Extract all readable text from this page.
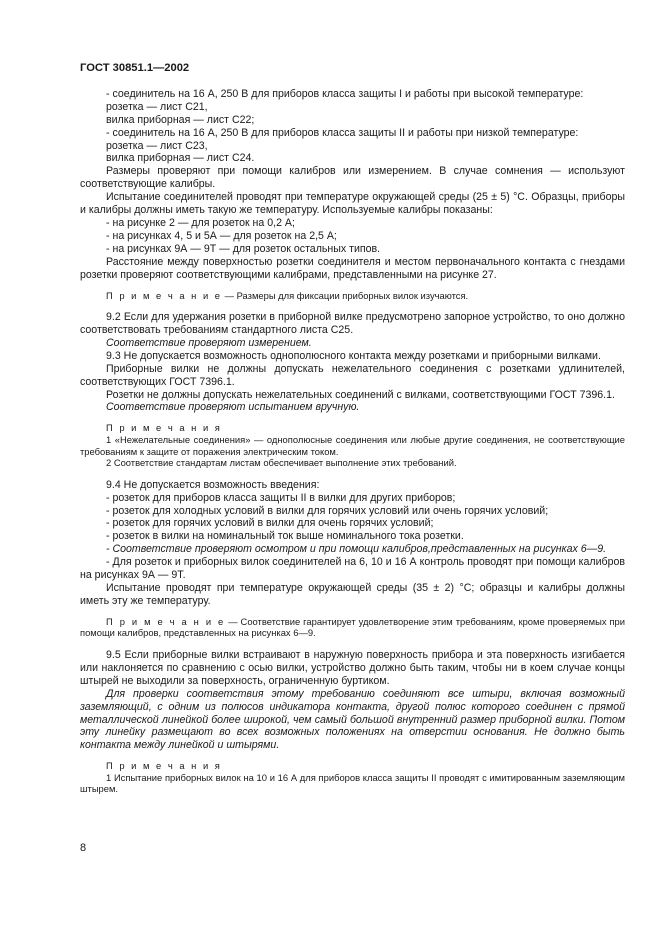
ГОСТ 30851.1—2002

- соединитель на 16 А, 250 В для приборов класса защиты I и работы при высокой температуре:

розетка — лист С21,

вилка приборная — лист С22;

- соединитель на 16 А, 250 В для приборов класса защиты II и работы при низкой температуре:

розетка — лист С23,

вилка приборная — лист С24.

Размеры проверяют при помощи калибров или измерением. В случае сомнения — используют соответствующие калибры.

Испытание соединителей проводят при температуре окружающей среды (25 ± 5) °С. Образцы, приборы и калибры должны иметь такую же температуру. Используемые калибры показаны:

- на рисунке 2 — для розеток на 0,2 А;

- на рисунках 4, 5 и 5А — для розеток на 2,5 А;

- на рисунках 9А — 9Т — для розеток остальных типов.

Расстояние между поверхностью розетки соединителя и местом первоначального контакта с гнездами розетки проверяют соответствующими калибрами, представленными на рисунке 27.

П р и м е ч а н и е — Размеры для фиксации приборных вилок изучаются.

9.2 Если для удержания розетки в приборной вилке предусмотрено запорное устройство, то оно должно соответствовать требованиям стандартного листа С25.

Соответствие проверяют измерением.

9.3 Не допускается возможность однополюсного контакта между розетками и приборными вилками.

Приборные вилки не должны допускать нежелательного соединения с розетками удлинителей, соответствующих ГОСТ 7396.1.

Розетки не должны допускать нежелательных соединений с вилками, соответствующими ГОСТ 7396.1.

Соответствие проверяют испытанием вручную.

П р и м е ч а н и я

1 «Нежелательные соединения» — однополюсные соединения или любые другие соединения, не соответствующие требованиям к защите от поражения электрическим током.

2 Соответствие стандартам листам обеспечивает выполнение этих требований.

9.4 Не допускается возможность введения:

- розеток для приборов класса защиты II в вилки для других приборов;

- розеток для холодных условий в вилки для горячих условий или очень горячих условий;

- розеток для горячих условий в вилки для очень горячих условий;

- розеток в вилки на номинальный ток выше номинального тока розетки.

- Соответствие проверяют осмотром и при помощи калибров,представленных на рисунках 6—9.

- Для розеток и приборных вилок соединителей на 6, 10 и 16 А контроль проводят при помощи калибров на рисунках 9А — 9Т.

Испытание проводят при температуре окружающей среды (35 ± 2) °С; образцы и калибры должны иметь эту же температуру.

П р и м е ч а н и е — Соответствие гарантирует удовлетворение этим требованиям, кроме проверяемых при помощи калибров, представленных на рисунках 6—9.

9.5 Если приборные вилки встраивают в наружную поверхность прибора и эта поверхность изгибается или наклоняется по сравнению с осью вилки, устройство должно быть таким, чтобы ни в коем случае концы штырей не выходили за поверхность, ограниченную буртиком.

Для проверки соответствия этому требованию соединяют все штыри, включая возможный заземляющий, с одним из полюсов индикатора контакта, другой полюс которого соединен с прямой металлической линейкой более широкой, чем самый большой внутренний размер приборной вилки. Потом эту линейку размещают во всех возможных положениях на отверстии основания. Не должно быть контакта между линейкой и штырями.

П р и м е ч а н и я

1 Испытание приборных вилок на 10 и 16 А для приборов класса защиты II проводят с имитированным заземляющим штырем.

8
